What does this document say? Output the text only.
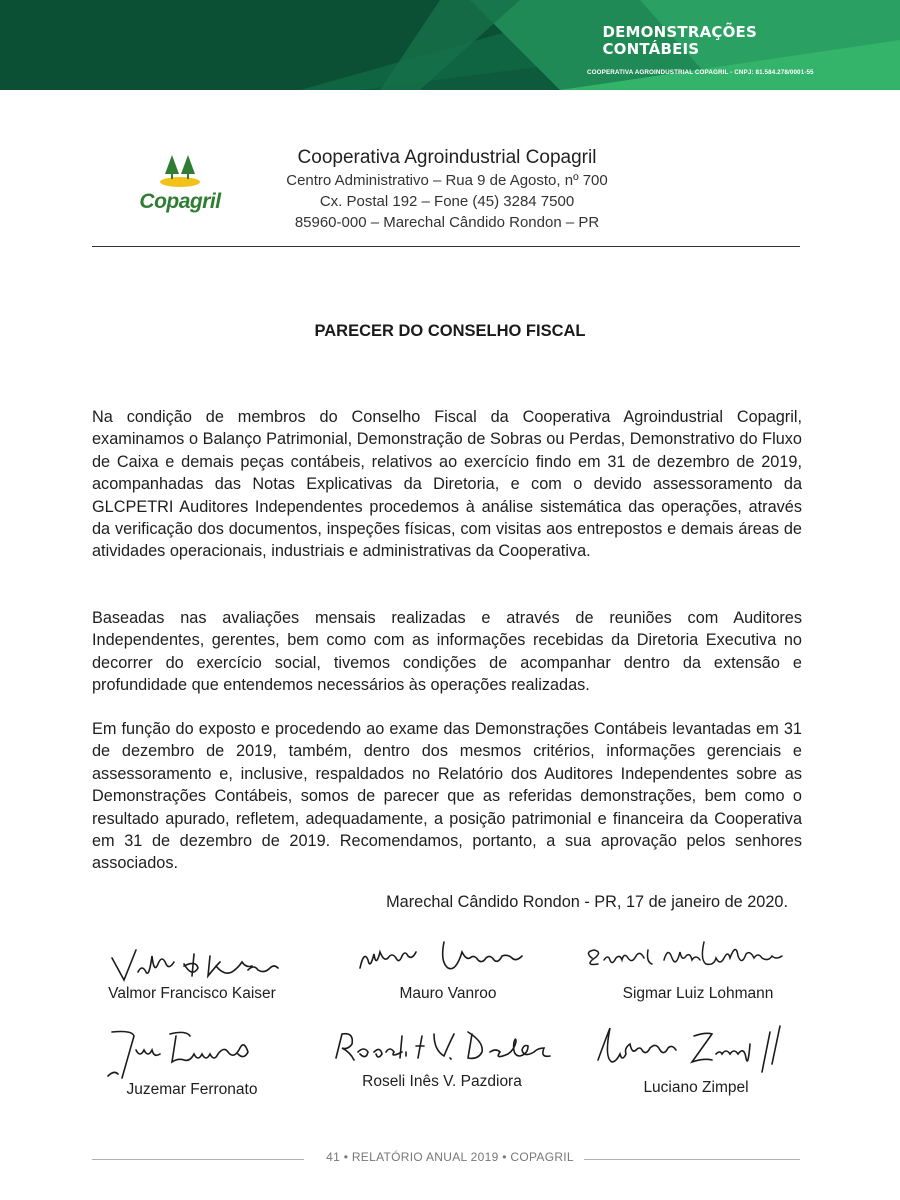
DEMONSTRAÇÕES
CONTÁBEIS
COOPERATIVA AGROINDUSTRIAL COPAGRIL - CNPJ: 81.584.278/0001-55
Copagril
Cooperativa Agroindustrial Copagril
Centro Administrativo – Rua 9 de Agosto, nº 700
Cx. Postal 192 – Fone (45) 3284 7500
85960-000 – Marechal Cândido Rondon – PR
PARECER DO CONSELHO FISCAL

Na condição de membros do Conselho Fiscal da Cooperativa Agroindustrial Copagril, examinamos o Balanço Patrimonial, Demonstração de Sobras ou Perdas, Demonstrativo do Fluxo de Caixa e demais peças contábeis, relativos ao exercício findo em 31 de dezembro de 2019, acompanhadas das Notas Explicativas da Diretoria, e com o devido assessoramento da GLCPETRI Auditores Independentes procedemos à análise sistemática das operações, através da verificação dos documentos, inspeções físicas, com visitas aos entrepostos e demais áreas de atividades operacionais, industriais e administrativas da Cooperativa.

Baseadas nas avaliações mensais realizadas e através de reuniões com Auditores Independentes, gerentes, bem como com as informações recebidas da Diretoria Executiva no decorrer do exercício social, tivemos condições de acompanhar dentro da extensão e profundidade que entendemos necessários às operações realizadas.

Em função do exposto e procedendo ao exame das Demonstrações Contábeis levantadas em 31 de dezembro de 2019, também, dentro dos mesmos critérios, informações gerenciais e assessoramento e, inclusive, respaldados no Relatório dos Auditores Independentes sobre as Demonstrações Contábeis, somos de parecer que as referidas demonstrações, bem como o resultado apurado, refletem, adequadamente, a posição patrimonial e financeira da Cooperativa em 31 de dezembro de 2019. Recomendamos, portanto, a sua aprovação pelos senhores associados.

Marechal Cândido Rondon - PR, 17 de janeiro de 2020.
Valmor Francisco Kaiser	Mauro Vanroo	Sigmar Luiz Lohmann
Juzemar Ferronato	Roseli Inês V. Pazdiora	Luciano Zimpel
41 • RELATÓRIO ANUAL 2019 • COPAGRIL
